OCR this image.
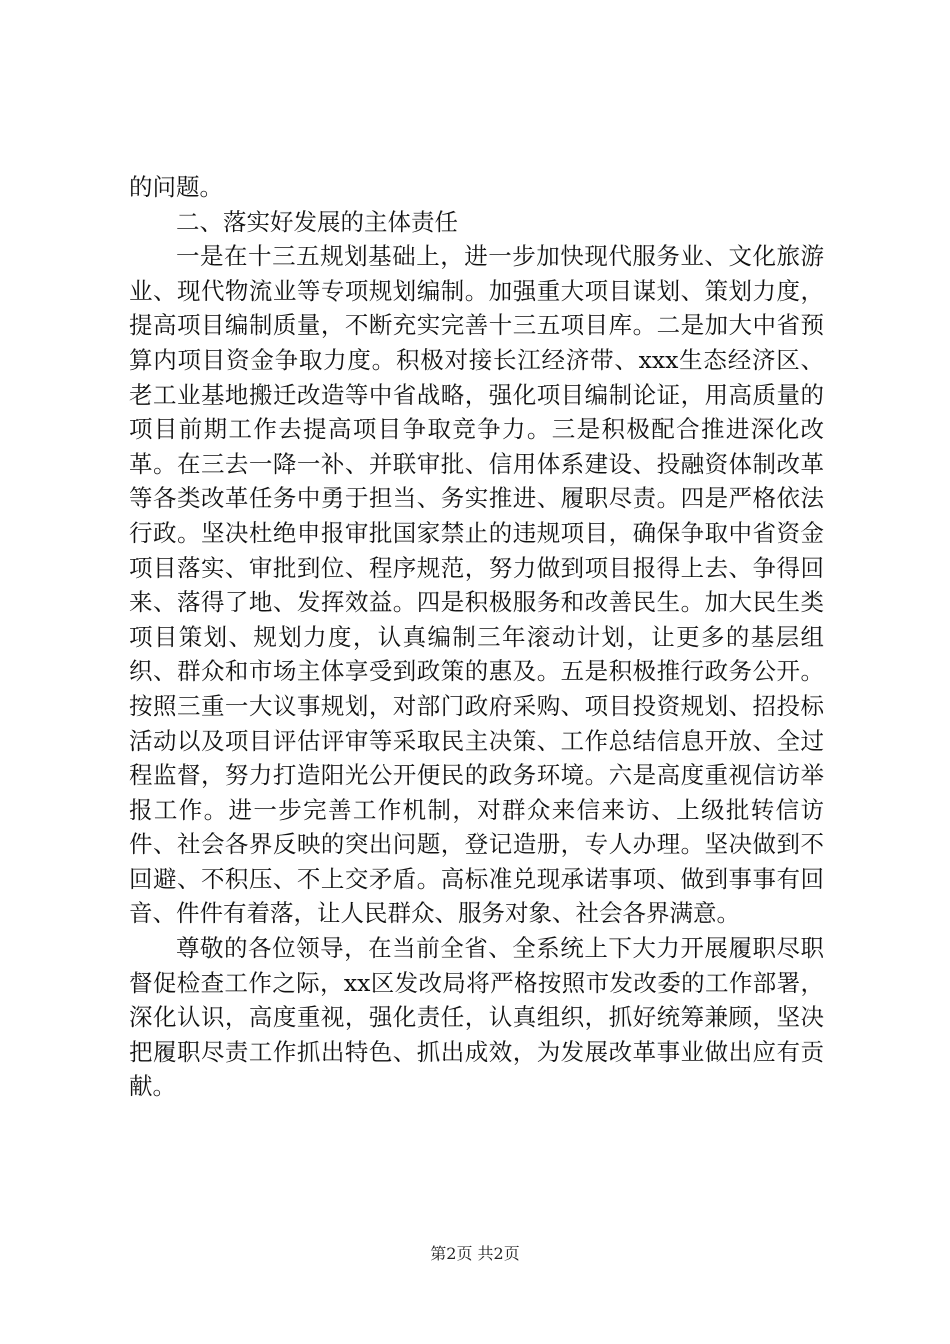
的问题。

二、落实好发展的主体责任

一是在十三五规划基础上，进一步加快现代服务业、文化旅游业、现代物流业等专项规划编制。加强重大项目谋划、策划力度，提高项目编制质量，不断充实完善十三五项目库。二是加大中省预算内项目资金争取力度。积极对接长江经济带、xxx生态经济区、老工业基地搬迁改造等中省战略，强化项目编制论证，用高质量的项目前期工作去提高项目争取竞争力。三是积极配合推进深化改革。在三去一降一补、并联审批、信用体系建设、投融资体制改革等各类改革任务中勇于担当、务实推进、履职尽责。四是严格依法行政。坚决杜绝申报审批国家禁止的违规项目，确保争取中省资金项目落实、审批到位、程序规范，努力做到项目报得上去、争得回来、落得了地、发挥效益。四是积极服务和改善民生。加大民生类项目策划、规划力度，认真编制三年滚动计划，让更多的基层组织、群众和市场主体享受到政策的惠及。五是积极推行政务公开。按照三重一大议事规划，对部门政府采购、项目投资规划、招投标活动以及项目评估评审等采取民主决策、工作总结信息开放、全过程监督，努力打造阳光公开便民的政务环境。六是高度重视信访举报工作。进一步完善工作机制，对群众来信来访、上级批转信访件、社会各界反映的突出问题，登记造册，专人办理。坚决做到不回避、不积压、不上交矛盾。高标准兑现承诺事项、做到事事有回音、件件有着落，让人民群众、服务对象、社会各界满意。

尊敬的各位领导，在当前全省、全系统上下大力开展履职尽职督促检查工作之际，xx区发改局将严格按照市发改委的工作部署，深化认识，高度重视，强化责任，认真组织，抓好统筹兼顾，坚决把履职尽责工作抓出特色、抓出成效，为发展改革事业做出应有贡献。

第2页 共2页
